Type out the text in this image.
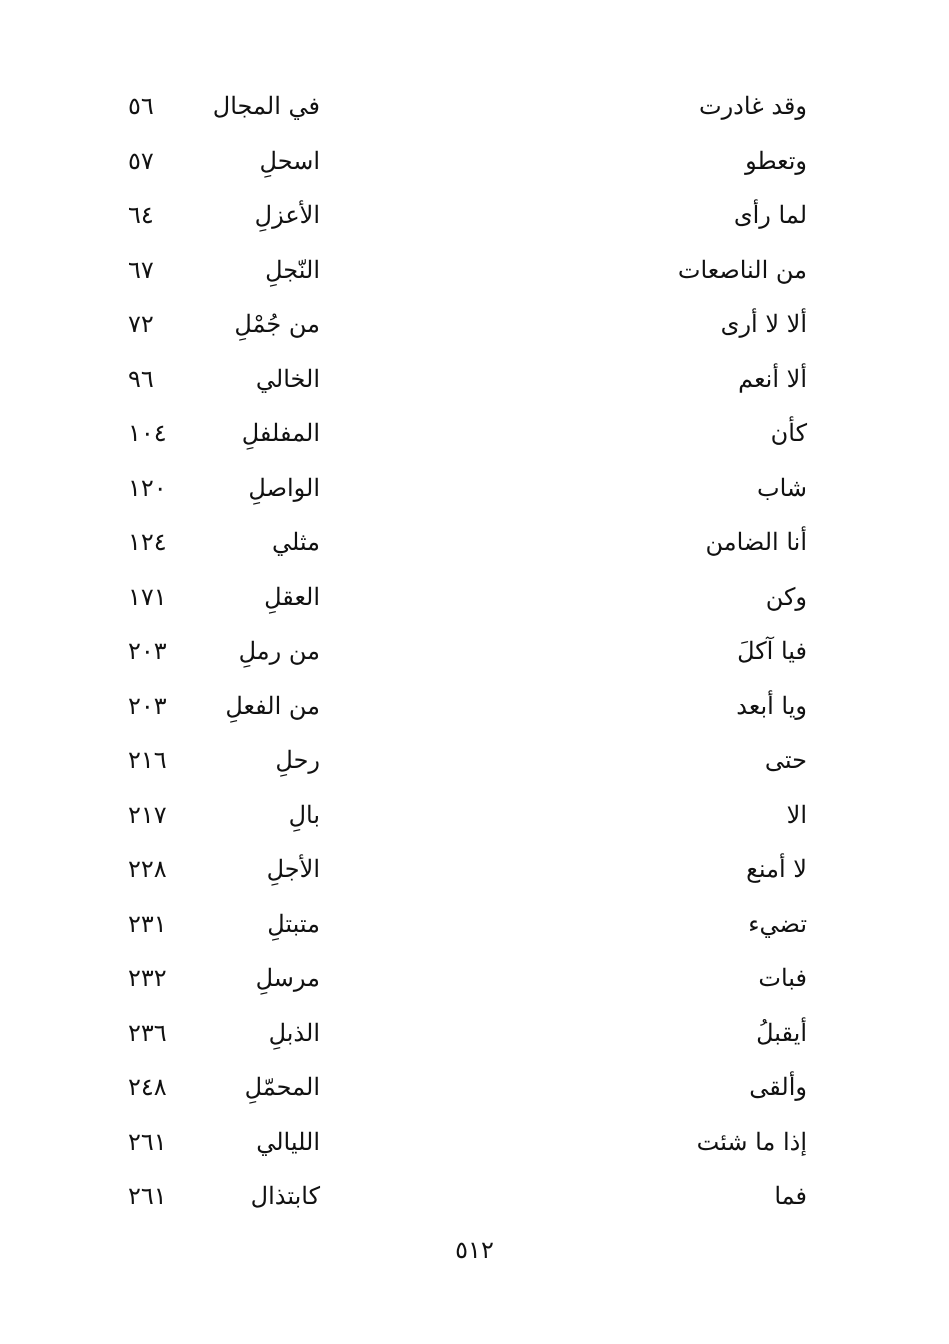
وقد غادرت
في المجال
٥٦
وتعطو
اسحلِ
٥٧
لما رأى
الأعزلِ
٦٤
من الناصعات
النّجلِ
٦٧
ألا لا أرى
من جُمْلِ
٧٢
ألا أنعم
الخالي
٩٦
كأن
المفلفلِ
١٠٤
شاب
الواصلِ
١٢٠
أنا الضامن
مثلي
١٢٤
وكن
العقلِ
١٧١
فيا آكلَ
من رملِ
٢٠٣
ويا أبعد
من الفعلِ
٢٠٣
حتى
رحلِ
٢١٦
الا
بالِ
٢١٧
لا أمنع
الأجلِ
٢٢٨
تضيء
متبتلِ
٢٣١
فبات
مرسلِ
٢٣٢
أيقبلُ
الذبلِ
٢٣٦
وألقى
المحمّلِ
٢٤٨
إذا ما شئت
الليالي
٢٦١
فما
كابتذال
٢٦١
٥١٢
